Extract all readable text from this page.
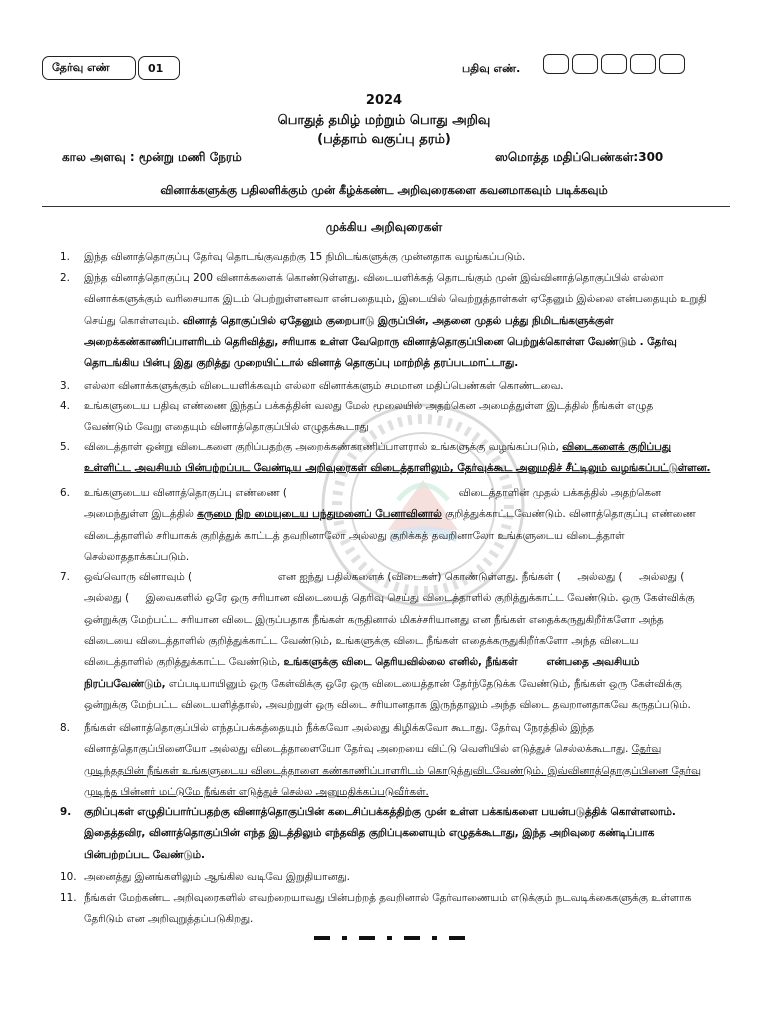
தேர்வு எண்	01	பதிவு எண்.
2024
பொதுத் தமிழ் மற்றும் பொது அறிவு
(பத்தாம் வகுப்பு தரம்)
கால அளவு : மூன்று மணி நேரம்	ஸமொத்த மதிப்பெண்கள்:300
வினாக்களுக்கு பதிலளிக்கும் முன் கீழ்க்கண்ட அறிவுரைகளை கவனமாகவும் படிக்கவும்
முக்கிய அறிவுரைகள்
1. இந்த வினாத்தொகுப்பு தேர்வு தொடங்குவதற்கு 15 நிமிடங்களுக்கு முன்னதாக வழங்கப்படும்.
2. இந்த வினாத்தொகுப்பு 200 வினாக்களைக் கொண்டுள்ளது. விடையளிக்கத் தொடங்கும் முன் இவ்வினாத்தொகுப்பில் எல்லா
வினாக்களுக்கும் வரிசையாக இடம் பெற்றுள்ளனவா என்பதையும், இடையில் வெற்றுத்தாள்கள் ஏதேனும் இல்லை என்பதையும் உறுதி
செய்து கொள்ளவும். வினாத் தொகுப்பில் ஏதேனும் குறைபாடு இருப்பின், அதனை முதல் பத்து நிமிடங்களுக்குள்
அறைக்கண்காணிப்பாளரிடம் தெரிவித்து, சரியாக உள்ள வேறொரு வினாத்தொகுப்பினை பெற்றுக்கொள்ள வேண்டும் . தேர்வு
தொடங்கிய பின்பு இது குறித்து முறையிட்டால் வினாத் தொகுப்பு மாற்றித் தரப்படமாட்டாது.
3. எல்லா வினாக்களுக்கும் விடையளிக்கவும் எல்லா வினாக்களும் சமமான மதிப்பெண்கள் கொண்டவை.
4. உங்களுடைய பதிவு எண்ணை இந்தப் பக்கத்தின் வலது மேல் மூலையில் அதற்கென அமைத்துள்ள இடத்தில் நீங்கள் எழுத
வேண்டும் வேறு எதையும் வினாத்தொகுப்பில் எழுதக்கூடாது
5. விடைத்தாள் ஒன்று விடைகளை குறிப்பதற்கு அறைக்கண்காணிப்பாளரால் உங்களுக்கு வழங்கப்படும், விடைகளைக் குறிப்பது
உள்ளிட்ட அவசியம் பின்பற்றப்பட வேண்டிய அறிவுரைகள் விடைத்தாளிலும், தேர்வுக்கூட அனுமதிச் சீட்டிலும் வழங்கப்பட்டுள்ளன.
6. உங்களுடைய வினாத்தொகுப்பு எண்ணை (                                                    விடைத்தாளின் முதல் பக்கத்தில் அதற்கென
அமைந்துள்ள இடத்தில் கருமை நிற மையுடைய பந்துமனைப் பேனாவினால் குறித்துக்காட்டவேண்டும். வினாத்தொகுப்பு எண்ணை
விடைத்தாளில் சரியாகக் குறித்துக் காட்டத் தவறினாலோ அல்லது குறிக்கத் தவறினாலோ உங்களுடைய விடைத்தாள்
செல்லாததாக்கப்படும்.
7. ஒவ்வொரு வினாவும் (                          என ஐந்து பதில்களைக் (விடைகள்) கொண்டுள்ளது. நீங்கள் (     அல்லது (     அல்லது (
அல்லது (     இவைகளில் ஒரே ஒரு சரியான விடையைத் தெரிவு செய்து விடைத்தாளில் குறித்துக்காட்ட வேண்டும். ஒரு கேள்விக்கு
ஒன்றுக்கு மேற்பட்ட சரியான விடை இருப்பதாக நீங்கள் கருதினால் மிகச்சரியானது என நீங்கள் எதைக்கருதுகிறீர்களோ அந்த
விடையை விடைத்தாளில் குறித்துக்காட்ட வேண்டும், உங்களுக்கு விடை நீங்கள் எதைக்கருதுகிறீர்களோ அந்த விடைய
விடைத்தாளில் குறித்துக்காட்ட வேண்டும், உங்களுக்கு விடை தெரியவில்லை எனில், நீங்கள்        என்பதை அவசியம்
நிரப்பவேண்டும், எப்படியாயினும் ஒரு கேள்விக்கு ஒரே ஒரு விடையைத்தான் தேர்ந்தேடுக்க வேண்டும், நீங்கள் ஒரு கேள்விக்கு
ஒன்றுக்கு மேற்பட்ட விடையளித்தால், அவற்றுள் ஒரு விடை சரியானதாக இருந்தாலும் அந்த விடை தவறானதாகவே கருதப்படும்.
8. நீங்கள் வினாத்தொகுப்பில் எந்தப்பக்கத்தையும் நீக்கவோ அல்லது கிழிக்கவோ கூடாது. தேர்வு நேரத்தில் இந்த
வினாத்தொகுப்பினையோ அல்லது விடைத்தாளையோ தேர்வு அறையை விட்டு வெளியில் எடுத்துச் செல்லக்கூடாது. தேர்வு
முடிந்ததபின் நீங்கள் உங்களுடைய விடைத்தாளை கண்காணிப்பாளரிடம் கொடுத்துவிடவேண்டும். இவ்வினாத்தொகுப்பினை தேர்வு
முடிந்த பின்னர் மட்டுமே நீங்கள் எடுத்துச் செல்ல அனுமதிக்கப்படுவீர்கள்.
9. குறிப்புகள் எழுதிப்பார்ப்பதற்கு வினாத்தொகுப்பின் கடைசிப்பக்கத்திற்கு முன் உள்ள பக்கங்களை பயன்படுத்திக் கொள்ளலாம்.
இதைத்தவிர, வினாத்தொகுப்பின் எந்த இடத்திலும் எந்தவித குறிப்புகளையும் எழுதக்கூடாது, இந்த அறிவுரை கண்டிப்பாக
பின்பற்றப்பட வேண்டும்.
10. அனைத்து இனங்களிலும் ஆங்கில வடிவே இறுதியானது.
11. நீங்கள் மேற்கண்ட அறிவுரைகளில் எவற்றையாவது பின்பற்றத் தவறினால் தேர்வாணையம் எடுக்கும் நடவடிக்கைகளுக்கு உள்ளாக
தேரிடும் என அறிவுறுத்தப்படுகிறது.
